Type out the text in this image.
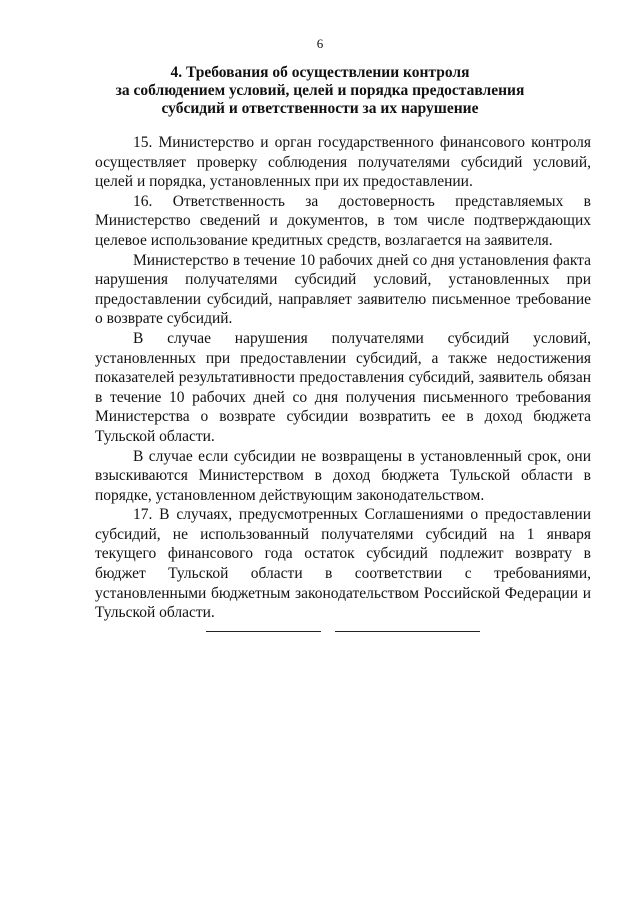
6
4. Требования об осуществлении контроля
за соблюдением условий, целей и порядка предоставления
субсидий и ответственности за их нарушение

15. Министерство и орган государственного финансового контроля осуществляет проверку соблюдения получателями субсидий условий, целей и порядка, установленных при их предоставлении.

16. Ответственность за достоверность представляемых в Министерство сведений и документов, в том числе подтверждающих целевое использование кредитных средств, возлагается на заявителя.

Министерство в течение 10 рабочих дней со дня установления факта нарушения получателями субсидий условий, установленных при предоставлении субсидий, направляет заявителю письменное требование о возврате субсидий.

В случае нарушения получателями субсидий условий, установленных при предоставлении субсидий, а также недостижения показателей результативности предоставления субсидий, заявитель обязан в течение 10 рабочих дней со дня получения письменного требования Министерства о возврате субсидии возвратить ее в доход бюджета Тульской области.

В случае если субсидии не возвращены в установленный срок, они взыскиваются Министерством в доход бюджета Тульской области в порядке, установленном действующим законодательством.

17. В случаях, предусмотренных Соглашениями о предоставлении субсидий, не использованный получателями субсидий на 1 января текущего финансового года остаток субсидий подлежит возврату в бюджет Тульской области в соответствии с требованиями, установленными бюджетным законодательством Российской Федерации и Тульской области.
